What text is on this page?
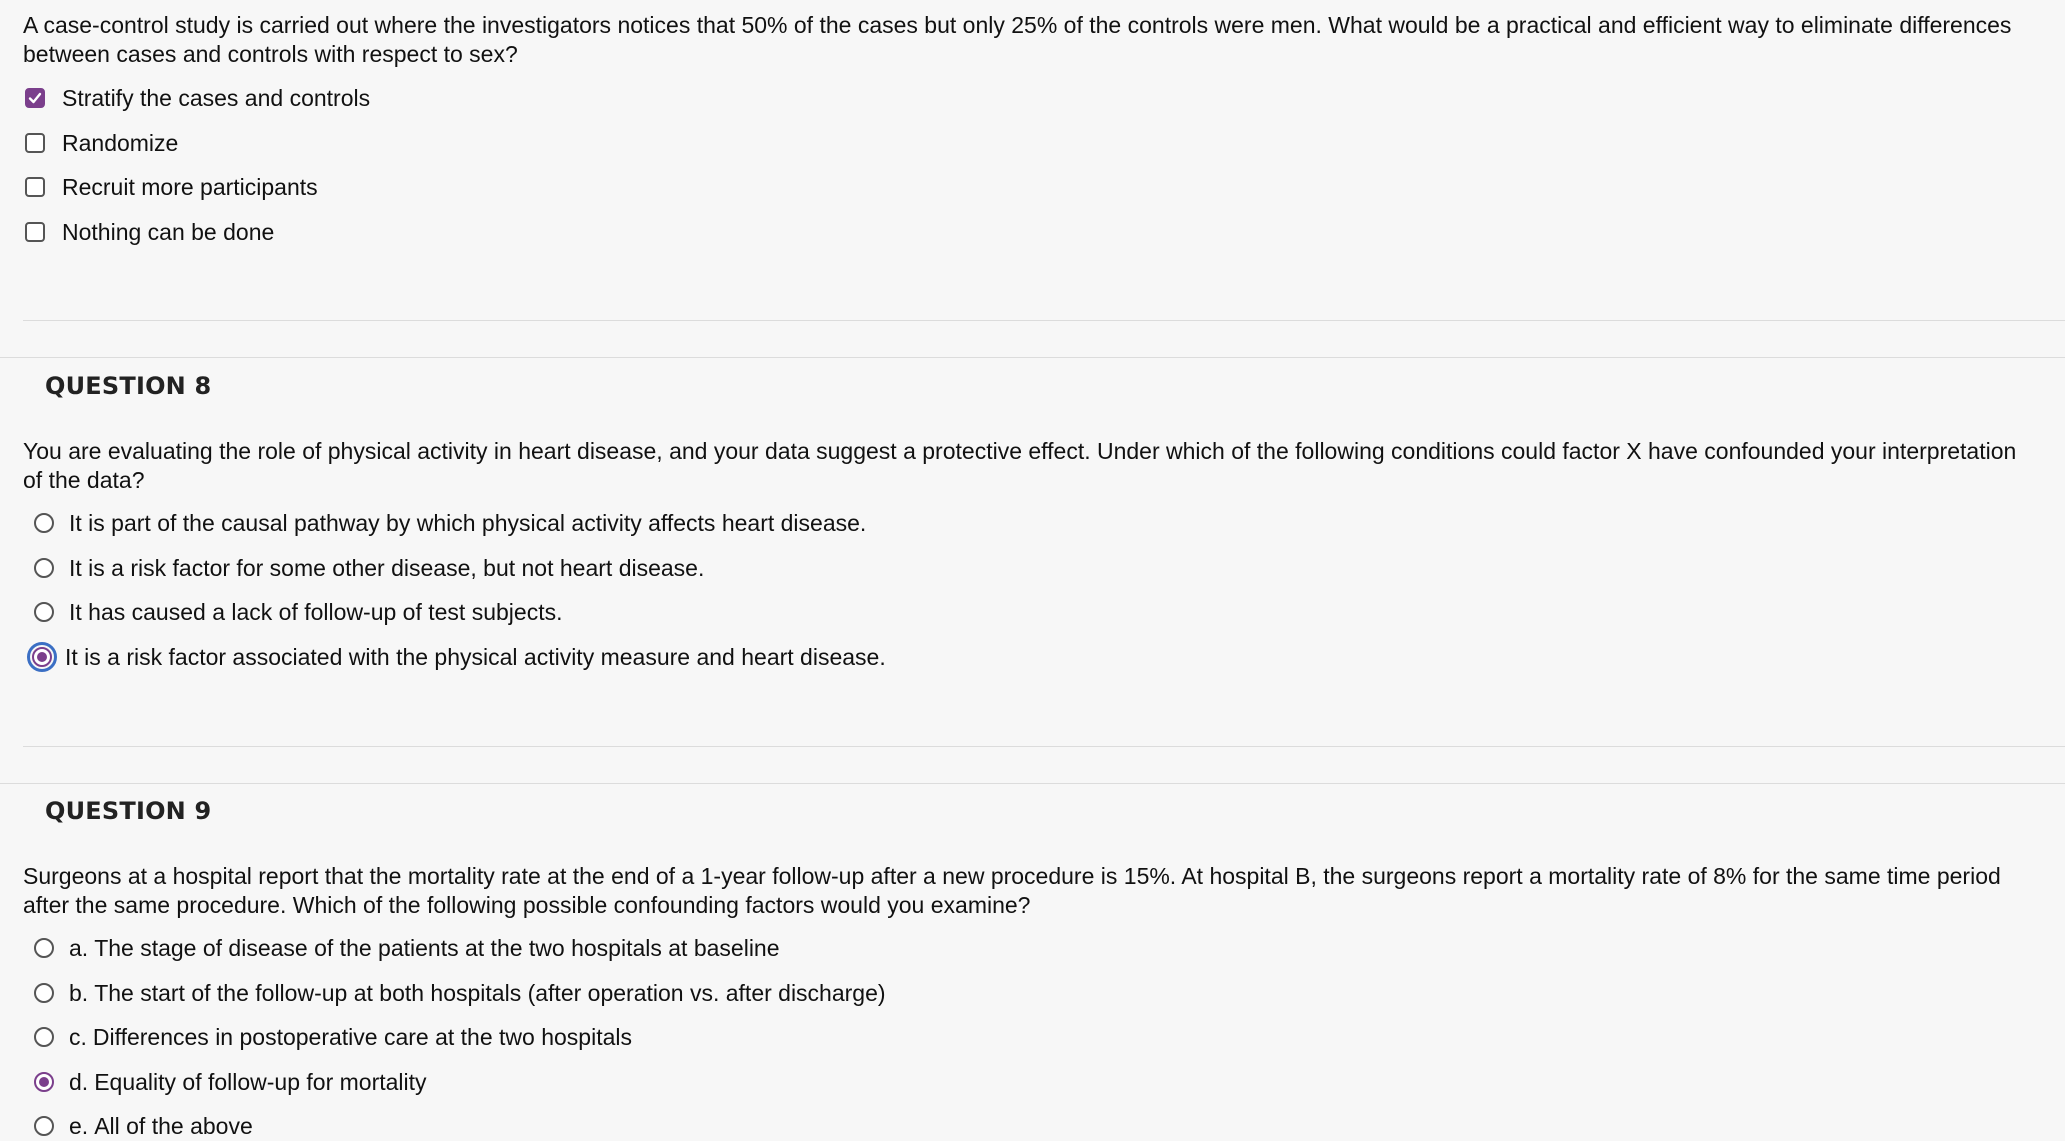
A case-control study is carried out where the investigators notices that 50% of the cases but only 25% of the controls were men. What would be a practical and efficient way to eliminate differences between cases and controls with respect to sex?

Stratify the cases and controls
Randomize
Recruit more participants
Nothing can be done
QUESTION 8

You are evaluating the role of physical activity in heart disease, and your data suggest a protective effect. Under which of the following conditions could factor X have confounded your interpretation of the data?

It is part of the causal pathway by which physical activity affects heart disease.
It is a risk factor for some other disease, but not heart disease.
It has caused a lack of follow-up of test subjects.
It is a risk factor associated with the physical activity measure and heart disease.
QUESTION 9

Surgeons at a hospital report that the mortality rate at the end of a 1-year follow-up after a new procedure is 15%. At hospital B, the surgeons report a mortality rate of 8% for the same time period after the same procedure. Which of the following possible confounding factors would you examine?

a. The stage of disease of the patients at the two hospitals at baseline
b. The start of the follow-up at both hospitals (after operation vs. after discharge)
c. Differences in postoperative care at the two hospitals
d. Equality of follow-up for mortality
e. All of the above
